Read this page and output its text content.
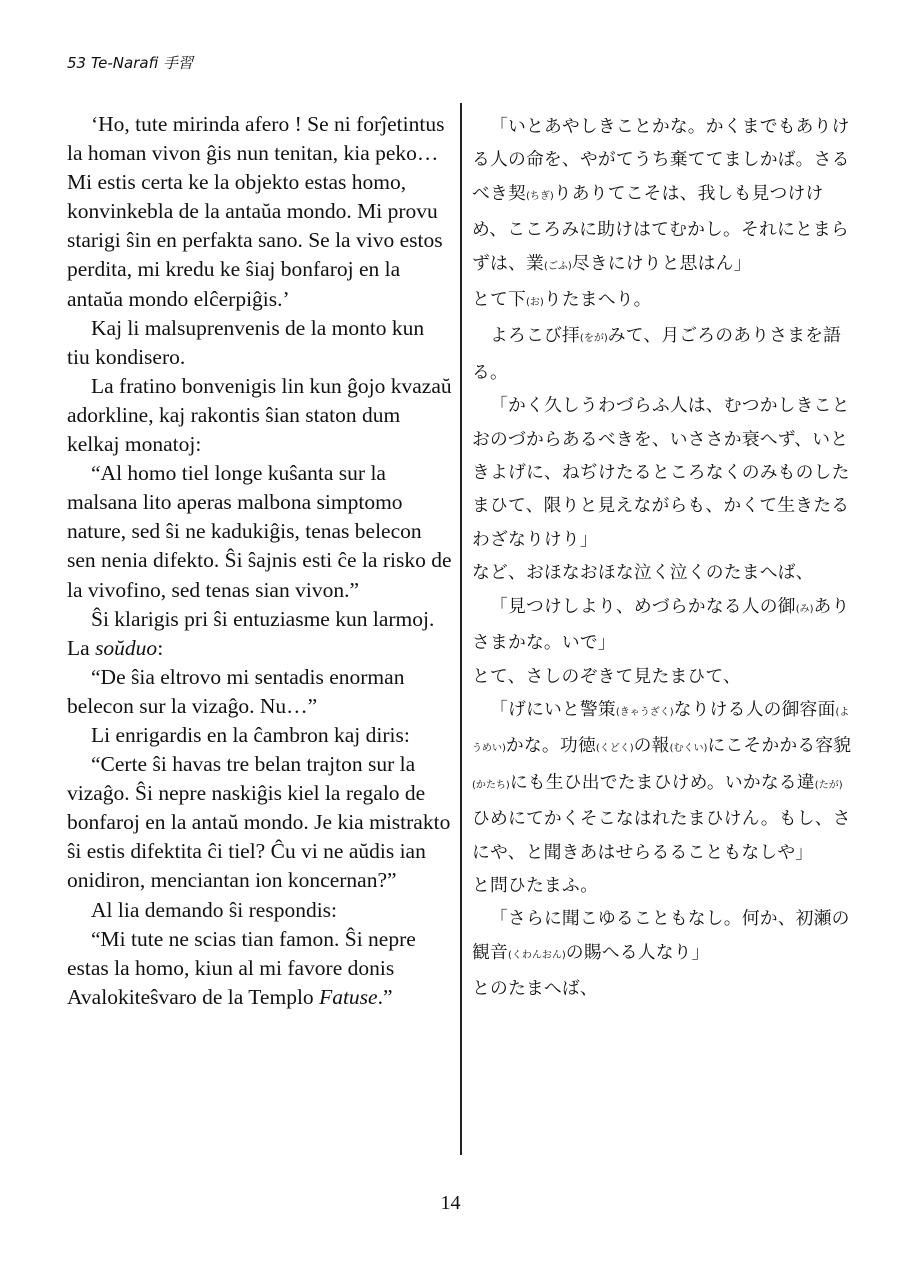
53 Te-Narafi 手習

‘Ho, tute mirinda afero ! Se ni forĵetintus la homan vivon ĝis nun tenitan, kia peko… Mi estis certa ke la objekto estas homo, konvinkebla de la antaŭa mondo. Mi provu starigi ŝin en perfakta sano. Se la vivo estos perdita, mi kredu ke ŝiaj bonfaroj en la antaŭa mondo elĉerpiĝis.’

Kaj li malsuprenvenis de la monto kun tiu kondisero.

La fratino bonvenigis lin kun ĝojo kvazaŭ adorkline, kaj rakontis ŝian staton dum kelkaj monatoj:

“Al homo tiel longe kuŝanta sur la malsana lito aperas malbona simptomo nature, sed ŝi ne kadukiĝis, tenas belecon sen nenia difekto. Ŝi ŝajnis esti ĉe la risko de la vivofino, sed tenas sian vivon.”

Ŝi klarigis pri ŝi entuziasme kun larmoj. La soŭduo:

“De ŝia eltrovo mi sentadis enorman belecon sur la vizaĝo. Nu…”

Li enrigardis en la ĉambron kaj diris:

“Certe ŝi havas tre belan trajton sur la vizaĝo. Ŝi nepre naskiĝis kiel la regalo de bonfaroj en la antaŭ mondo. Je kia mistrakto ŝi estis difektita ĉi tiel? Ĉu vi ne aŭdis ian onidiron, menciantan ion koncernan?”

Al lia demando ŝi respondis:

“Mi tute ne scias tian famon. Ŝi nepre estas la homo, kiun al mi favore donis Avalokiteŝvaro de la Templo Fatuse.”

「いとあやしきことかな。かくまでもありける人の命を、やがてうち棄ててましかば。さるべき契(ちぎ)りありてこそは、我しも見つけけめ、こころみに助けはてむかし。それにとまらずは、業(ごふ)尽きにけりと思はん」

とて下(お)りたまへり。

よろこび拝(をが)みて、月ごろのありさまを語る。

「かく久しうわづらふ人は、むつかしきことおのづからあるべきを、いささか衰へず、いときよげに、ねぢけたるところなくのみものしたまひて、限りと見えながらも、かくて生きたるわざなりけり」

など、おほなおほな泣く泣くのたまへば、

「見つけしより、めづらかなる人の御(み)ありさまかな。いで」

とて、さしのぞきて見たまひて、

「げにいと警策(きゃうざく)なりける人の御容面(ようめい)かな。功徳(くどく)の報(むくい)にこそかかる容貌(かたち)にも生ひ出でたまひけめ。いかなる違(たが)ひめにてかくそこなはれたまひけん。もし、さにや、と聞きあはせらるることもなしや」

と問ひたまふ。

「さらに聞こゆることもなし。何か、初瀬の観音(くわんおん)の賜へる人なり」

とのたまへば、

14
